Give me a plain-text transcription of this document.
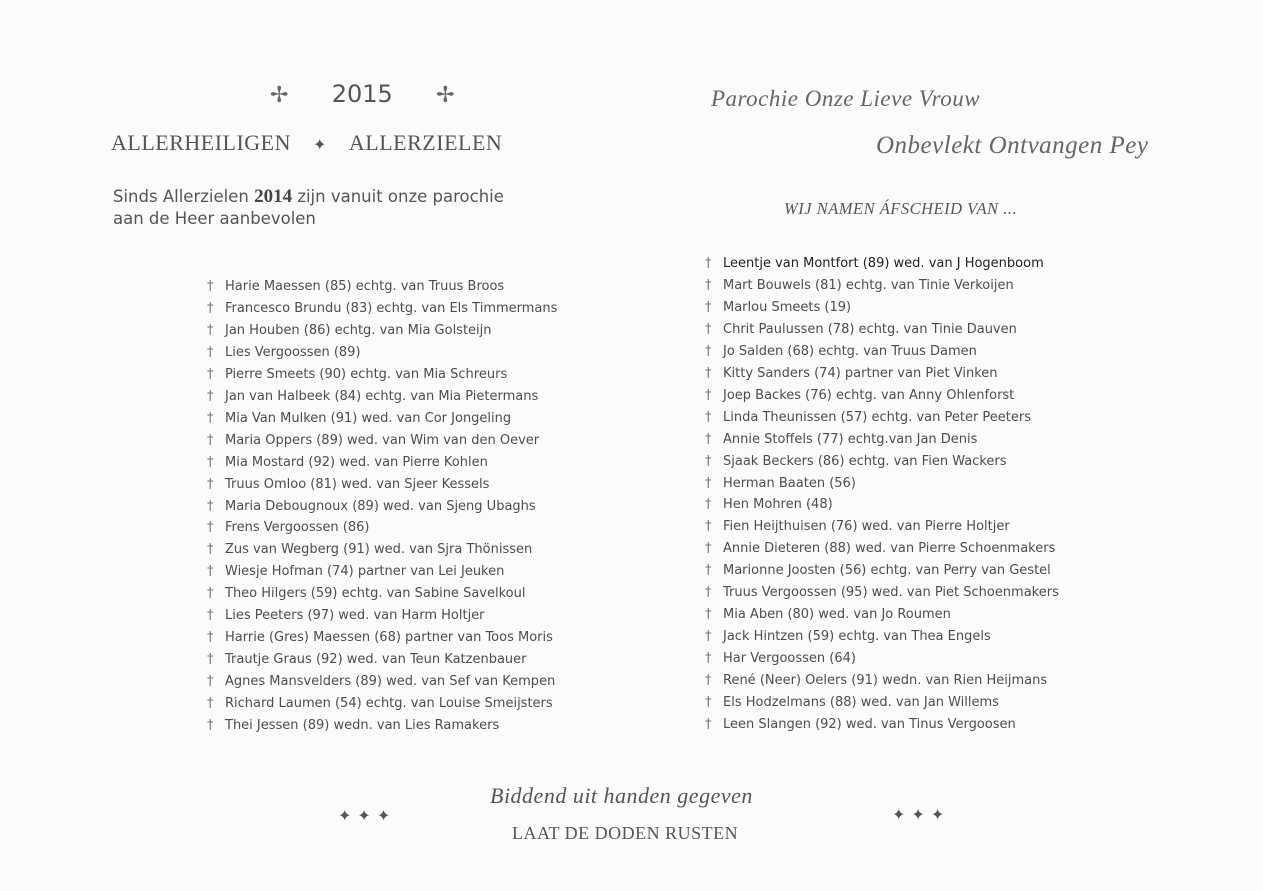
✢ 2015 ✢
ALLERHEILIGEN ✦ ALLERZIELEN
Sinds Allerzielen 2014 zijn vanuit onze parochie
aan de Heer aanbevolen
Parochie Onze Lieve Vrouw
Onbevlekt Ontvangen Pey
WIJ NAMEN ÁFSCHEID VAN ...
† Harie Maessen (85) echtg. van Truus Broos
† Francesco Brundu (83) echtg. van Els Timmermans
† Jan Houben (86) echtg. van Mia Golsteijn
† Lies Vergoossen (89)
† Pierre Smeets (90) echtg. van Mia Schreurs
† Jan van Halbeek (84) echtg. van Mia Pietermans
† Mia Van Mulken (91) wed. van Cor Jongeling
† Maria Oppers (89) wed. van Wim van den Oever
† Mia Mostard (92) wed. van Pierre Kohlen
† Truus Omloo (81) wed. van Sjeer Kessels
† Maria Debougnoux (89) wed. van Sjeng Ubaghs
† Frens Vergoossen (86)
† Zus van Wegberg (91) wed. van Sjra Thönissen
† Wiesje Hofman (74) partner van Lei Jeuken
† Theo Hilgers (59) echtg. van Sabine Savelkoul
† Lies Peeters (97) wed. van Harm Holtjer
† Harrie (Gres) Maessen (68) partner van Toos Moris
† Trautje Graus (92) wed. van Teun Katzenbauer
† Agnes Mansvelders (89) wed. van Sef van Kempen
† Richard Laumen (54) echtg. van Louise Smeijsters
† Thei Jessen (89) wedn. van Lies Ramakers
† Leentje van Montfort (89) wed. van J Hogenboom
† Mart Bouwels (81) echtg. van Tinie Verkoijen
† Marlou Smeets (19)
† Chrit Paulussen (78) echtg. van Tinie Dauven
† Jo Salden (68) echtg. van Truus Damen
† Kitty Sanders (74) partner van Piet Vinken
† Joep Backes (76) echtg. van Anny Ohlenforst
† Linda Theunissen (57) echtg. van Peter Peeters
† Annie Stoffels (77) echtg.van Jan Denis
† Sjaak Beckers (86) echtg. van Fien Wackers
† Herman Baaten (56)
† Hen Mohren (48)
† Fien Heijthuisen (76) wed. van Pierre Holtjer
† Annie Dieteren (88) wed. van Pierre Schoenmakers
† Marionne Joosten (56) echtg. van Perry van Gestel
† Truus Vergoossen (95) wed. van Piet Schoenmakers
† Mia Aben (80) wed. van Jo Roumen
† Jack Hintzen (59) echtg. van Thea Engels
† Har Vergoossen (64)
† René (Neer) Oelers (91) wedn. van Rien Heijmans
† Els Hodzelmans (88) wed. van Jan Willems
† Leen Slangen (92) wed. van Tinus Vergoosen
✦✦✦	✦✦✦
Biddend uit handen gegeven
LAAT DE DODEN RUSTEN
